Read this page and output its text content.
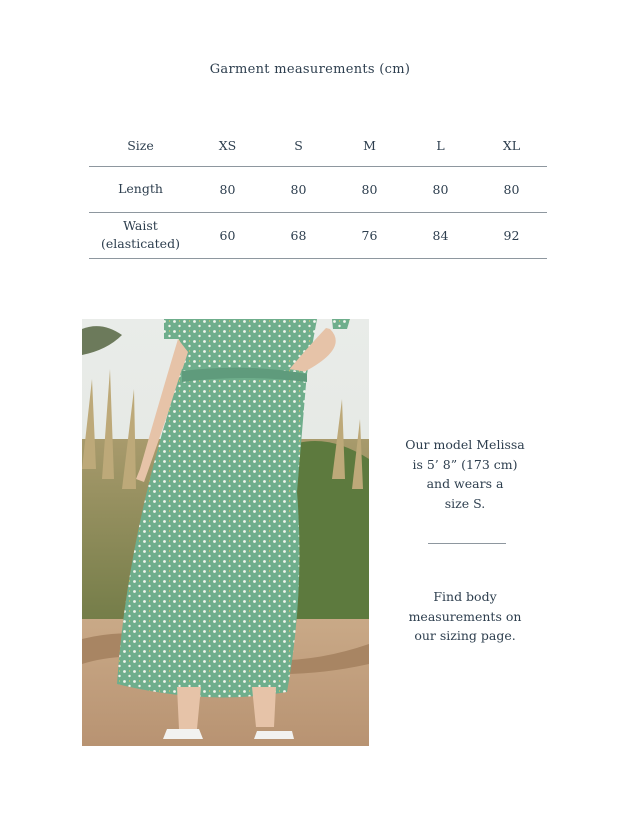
Garment measurements (cm)
Size	XS	S	M	L	XL
Length	80	80	80	80	80
Waist
(elasticated)	60	68	76	84	92
Our model Melissa
is 5’ 8” (173 cm)
and wears a
size S.
Find body
measurements on
our sizing page.
